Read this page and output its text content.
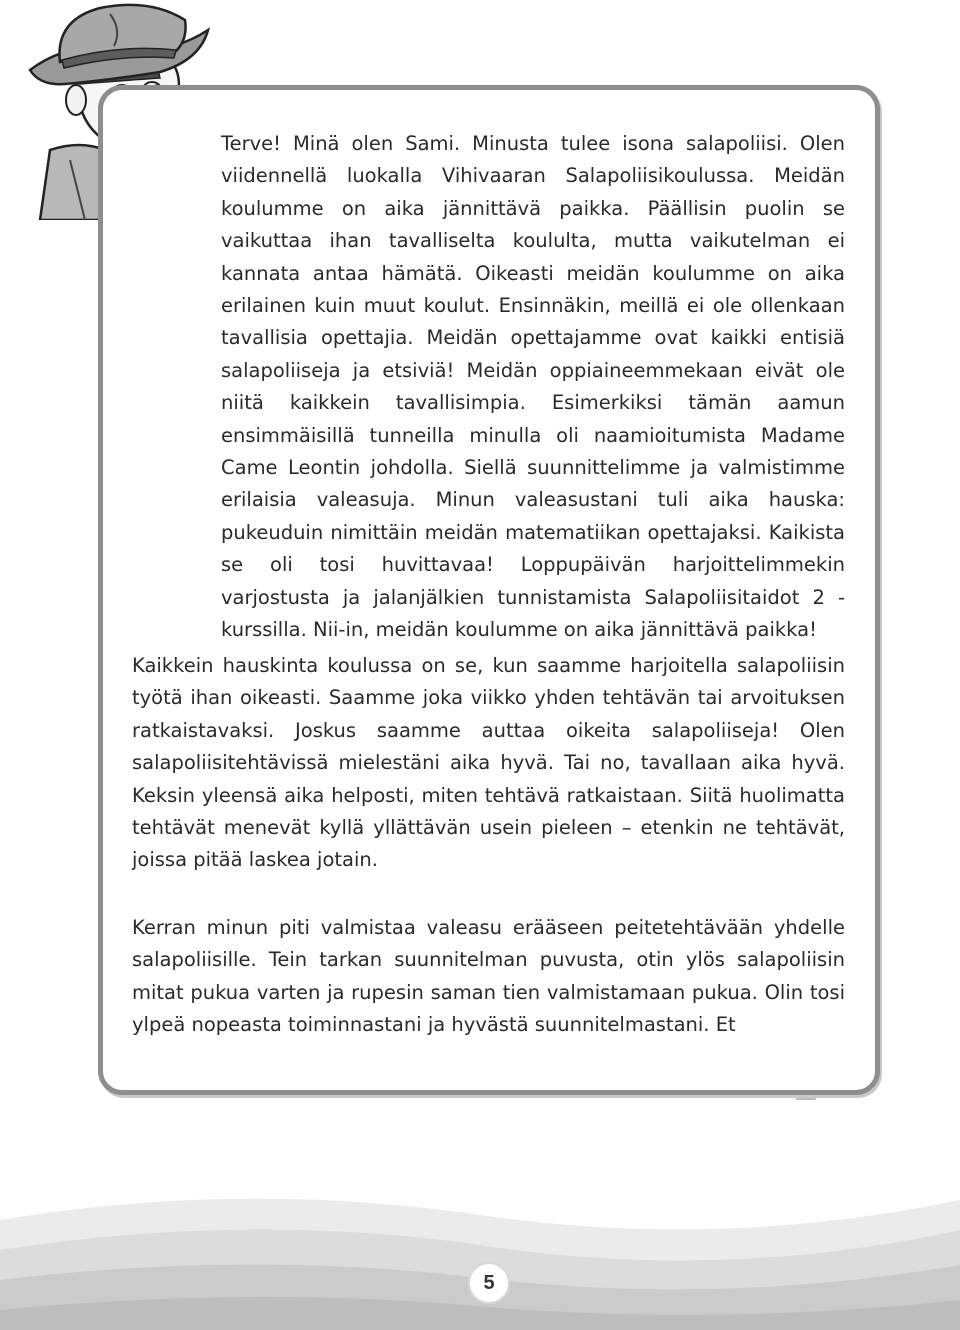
Terve! Minä olen Sami. Minusta tulee isona salapoliisi. Olen viidennellä luokalla Vihivaaran Salapoliisikoulussa. Meidän koulumme on aika jännittävä paikka. Päällisin puolin se vaikuttaa ihan tavalliselta koululta, mutta vaikutelman ei kannata antaa hämätä. Oikeasti meidän koulumme on aika erilainen kuin muut koulut. Ensinnäkin, meillä ei ole ollenkaan tavallisia opettajia. Meidän opettajamme ovat kaikki entisiä salapoliiseja ja etsiviä! Meidän oppiaineemmekaan eivät ole niitä kaikkein tavallisimpia. Esimerkiksi tämän aamun ensimmäisillä tunneilla minulla oli naamioitumista Madame Came Leontin johdolla. Siellä suunnittelimme ja valmistimme erilaisia valeasuja. Minun valeasustani tuli aika hauska: pukeuduin nimittäin meidän matematiikan opettajaksi. Kaikista se oli tosi huvittavaa! Loppupäivän harjoittelimmekin varjostusta ja jalanjälkien tunnistamista Salapoliisitaidot 2 -kurssilla. Nii-in, meidän koulumme on aika jännittävä paikka!

Kaikkein hauskinta koulussa on se, kun saamme harjoitella salapoliisin työtä ihan oikeasti. Saamme joka viikko yhden tehtävän tai arvoituksen ratkaistavaksi. Joskus saamme auttaa oikeita salapoliiseja! Olen salapoliisitehtävissä mielestäni aika hyvä. Tai no, tavallaan aika hyvä. Keksin yleensä aika helposti, miten tehtävä ratkaistaan. Siitä huolimatta tehtävät menevät kyllä yllättävän usein pieleen – etenkin ne tehtävät, joissa pitää laskea jotain.

Kerran minun piti valmistaa valeasu erääseen peitetehtävään yhdelle salapoliisille. Tein tarkan suunnitelman puvusta, otin ylös salapoliisin mitat pukua varten ja rupesin saman tien valmistamaan pukua. Olin tosi ylpeä nopeasta toiminnastani ja hyvästä suunnitelmastani. Et

5
